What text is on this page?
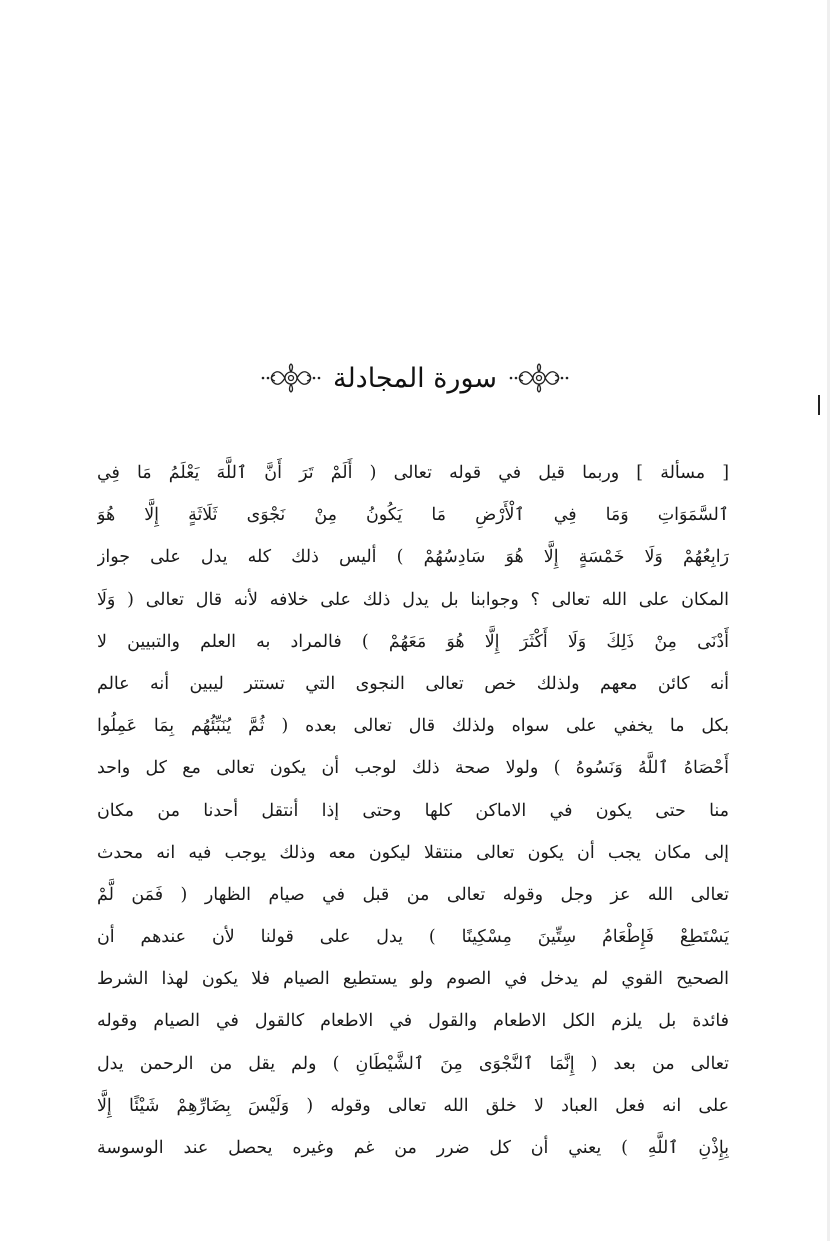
سورة المجادلة
[ مسألة ] وربما قيل في قوله تعالى ( أَلَمْ تَرَ أَنَّ ٱللَّهَ يَعْلَمُ مَا فِي
ٱلسَّمَوَاتِ وَمَا فِي ٱلْأَرْضِ مَا يَكُونُ مِنْ نَجْوَى ثَلَاثَةٍ إِلَّا هُوَ
رَابِعُهُمْ وَلَا خَمْسَةٍ إِلَّا هُوَ سَادِسُهُمْ ) أليس ذلك كله يدل على جواز
المكان على الله تعالى ؟ وجوابنا بل يدل ذلك على خلافه لأنه قال تعالى ( وَلَا
أَدْنَى مِنْ ذَلِكَ وَلَا أَكْثَرَ إِلَّا هُوَ مَعَهُمْ ) فالمراد به العلم والتبيين لا
أنه كائن معهم ولذلك خص تعالى النجوى التي تستتر ليبين أنه عالم
بكل ما يخفي على سواه ولذلك قال تعالى بعده ( ثُمَّ يُنَبِّئُهُم بِمَا عَمِلُوا
أَحْصَاهُ ٱللَّهُ وَنَسُوهُ ) ولولا صحة ذلك لوجب أن يكون تعالى مع كل واحد
منا حتى يكون في الاماكن كلها وحتى إذا أنتقل أحدنا من مكان
إلى مكان يجب أن يكون تعالى منتقلا ليكون معه وذلك يوجب فيه انه محدث
تعالى الله عز وجل وقوله تعالى من قبل في صيام الظهار ( فَمَن لَّمْ
يَسْتَطِعْ فَإِطْعَامُ سِتِّينَ مِسْكِينًا ) يدل على قولنا لأن عندهم أن
الصحيح القوي لم يدخل في الصوم ولو يستطيع الصيام فلا يكون لهذا الشرط
فائدة بل يلزم الكل الاطعام والقول في الاطعام كالقول في الصيام وقوله
تعالى من بعد ( إِنَّمَا ٱلنَّجْوَى مِنَ ٱلشَّيْطَانِ ) ولم يقل من الرحمن يدل
على انه فعل العباد لا خلق الله تعالى وقوله ( وَلَيْسَ بِضَارِّهِمْ شَيْئًا إِلَّا
بِإِذْنِ ٱللَّهِ ) يعني أن كل ضرر من غم وغيره يحصل عند الوسوسة
